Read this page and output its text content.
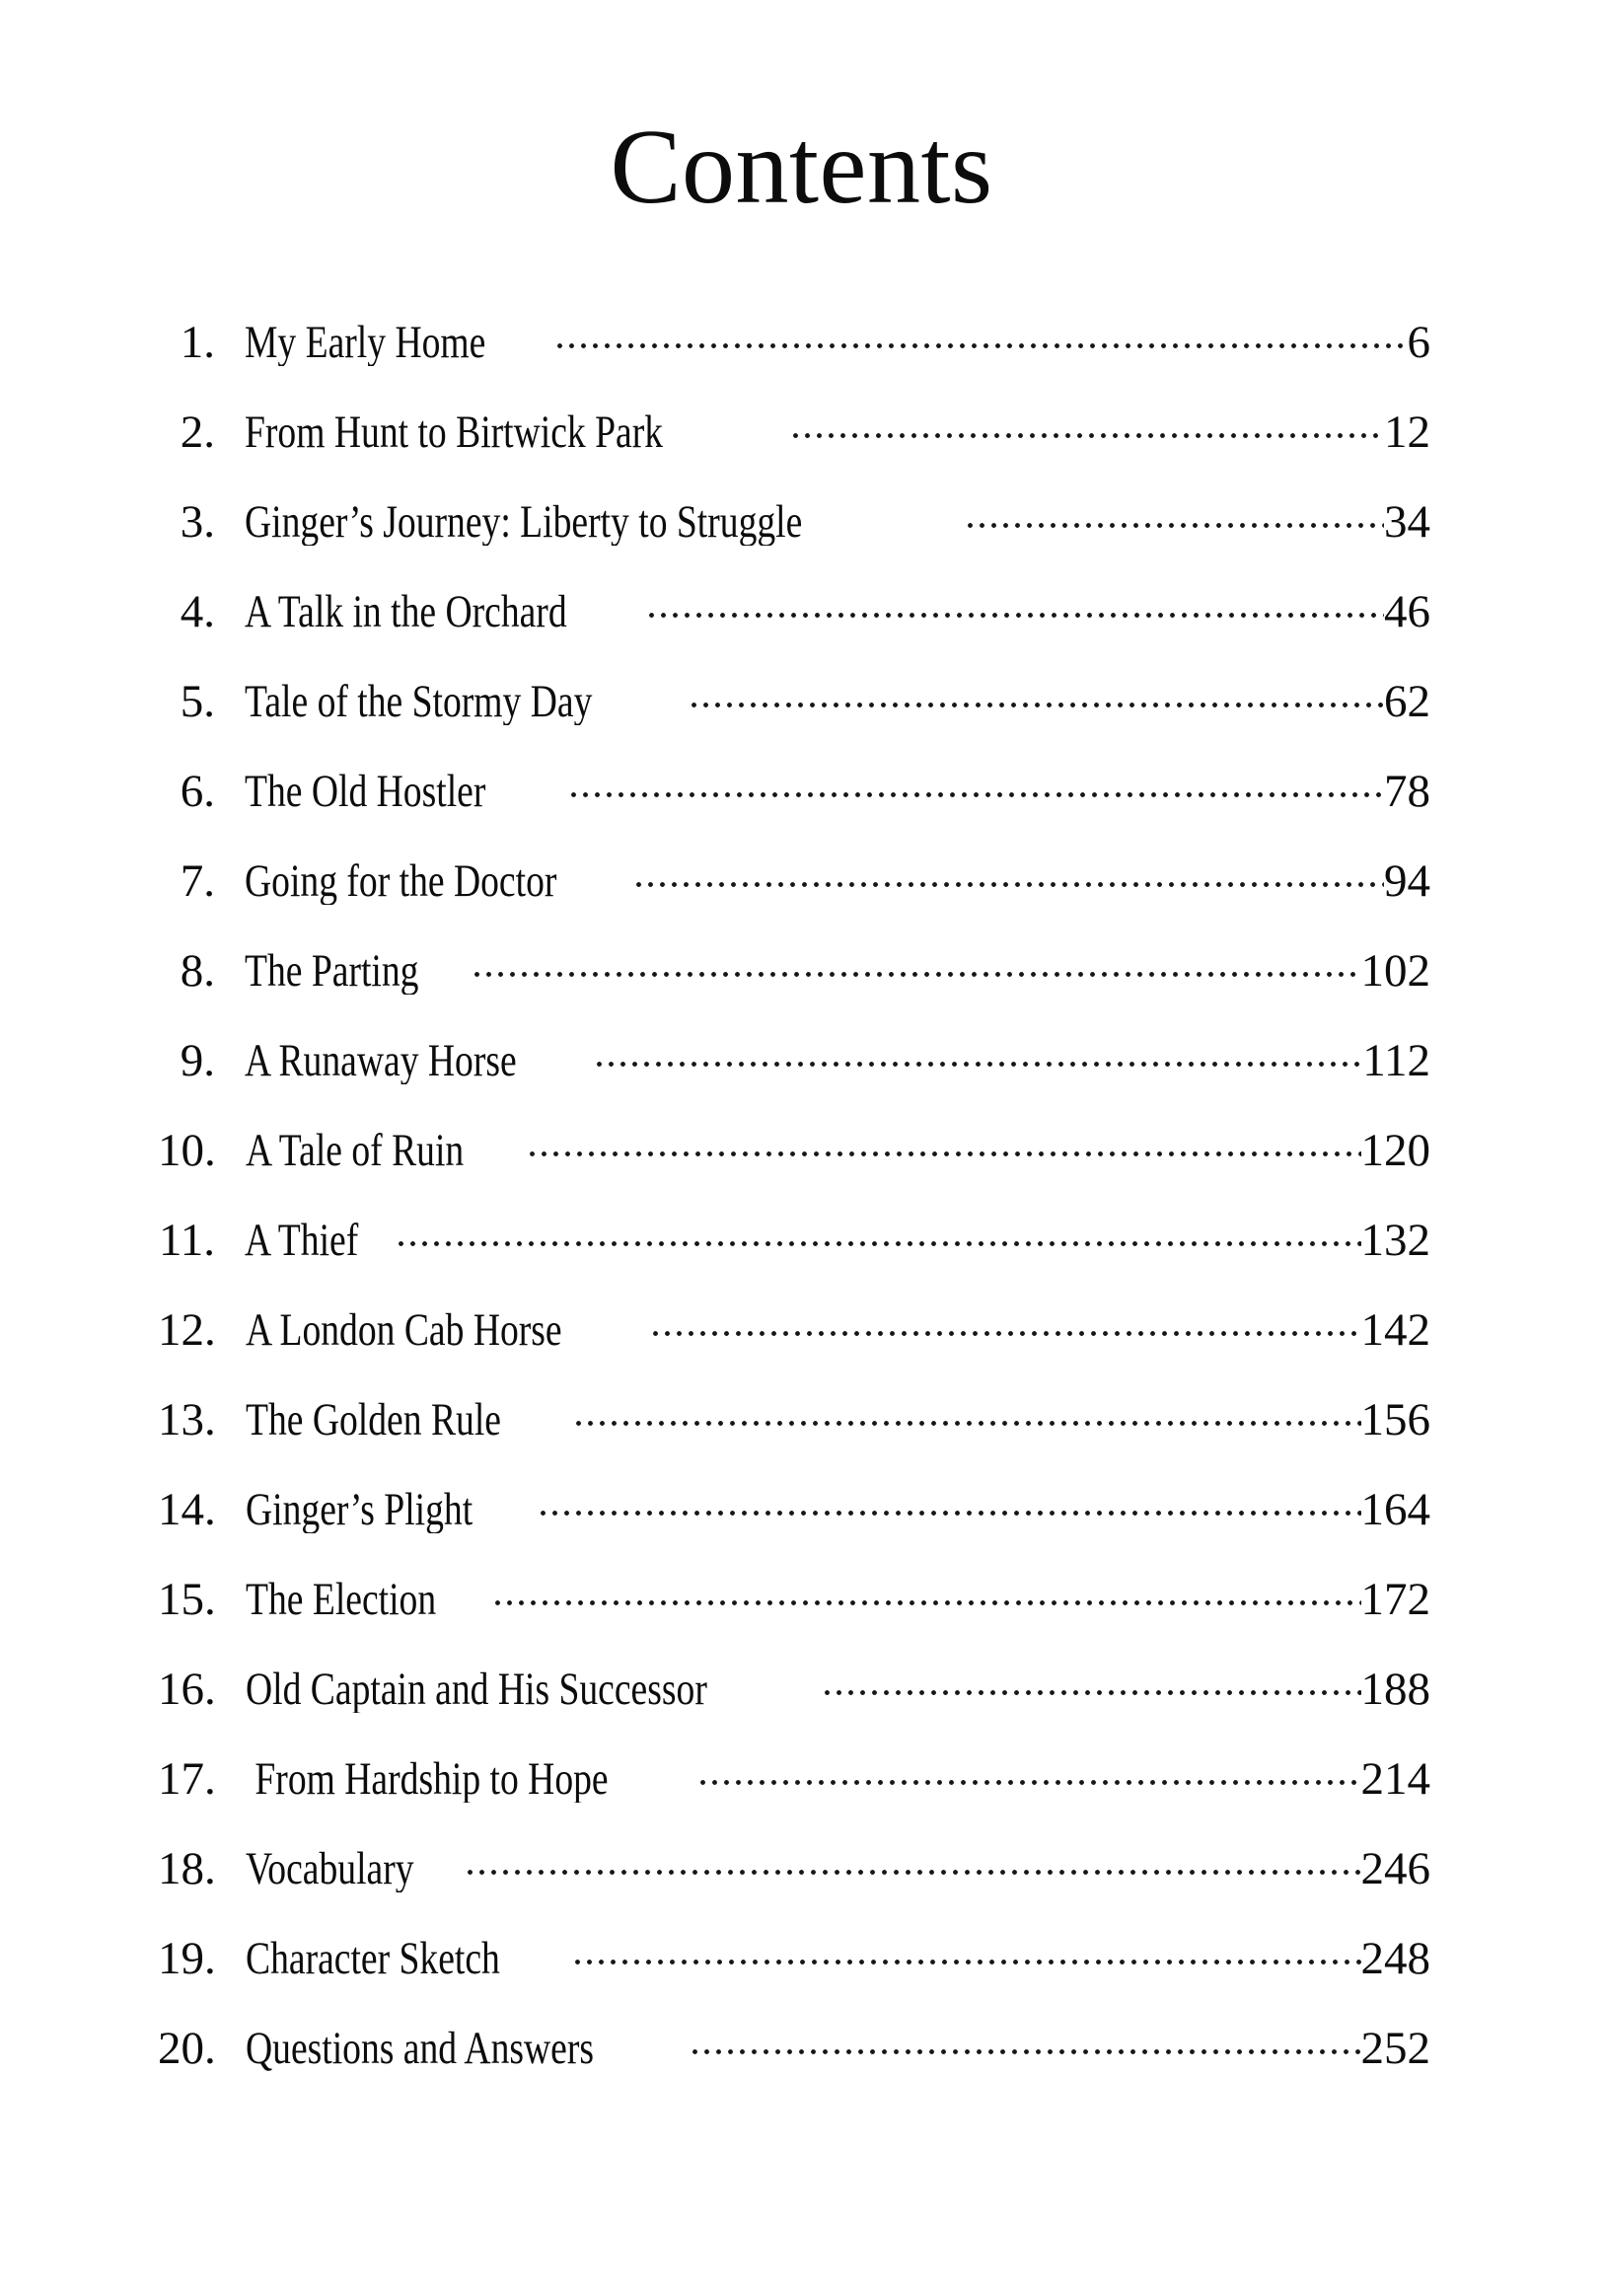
Contents
1. My Early Home	6
2. From Hunt to Birtwick Park	12
3. Ginger’s Journey: Liberty to Struggle	34
4. A Talk in the Orchard	46
5. Tale of the Stormy Day	62
6. The Old Hostler	78
7. Going for the Doctor	94
8. The Parting	102
9. A Runaway Horse	112
10. A Tale of Ruin	120
11. A Thief	132
12. A London Cab Horse	142
13. The Golden Rule	156
14. Ginger’s Plight	164
15. The Election	172
16. Old Captain and His Successor	188
17. From Hardship to Hope	214
18. Vocabulary	246
19. Character Sketch	248
20. Questions and Answers	252
